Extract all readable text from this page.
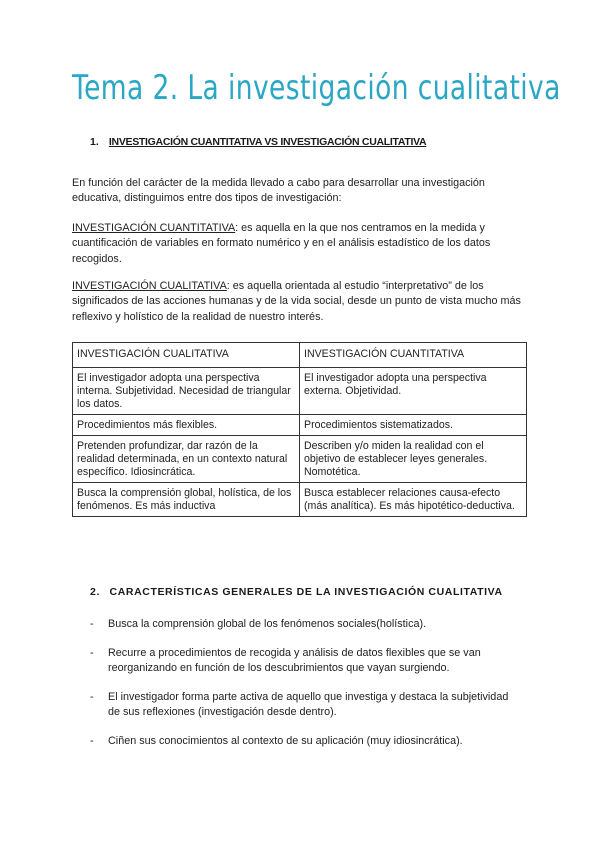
Tema 2. La investigación cualitativa
1. INVESTIGACIÓN CUANTITATIVA VS INVESTIGACIÓN CUALITATIVA

En función del carácter de la medida llevado a cabo para desarrollar una investigación educativa, distinguimos entre dos tipos de investigación:

INVESTIGACIÓN CUANTITATIVA: es aquella en la que nos centramos en la medida y cuantificación de variables en formato numérico y en el análisis estadístico de los datos recogidos.

INVESTIGACIÓN CUALITATIVA: es aquella orientada al estudio “interpretativo” de los significados de las acciones humanas y de la vida social, desde un punto de vista mucho más reflexivo y holístico de la realidad de nuestro interés.

INVESTIGACIÓN CUALITATIVA	INVESTIGACIÓN CUANTITATIVA
El investigador adopta una perspectiva interna. Subjetividad. Necesidad de triangular los datos.	El investigador adopta una perspectiva externa. Objetividad.
Procedimientos más flexibles.	Procedimientos sistematizados.
Pretenden profundizar, dar razón de la realidad determinada, en un contexto natural específico. Idiosincrática.	Describen y/o miden la realidad con el objetivo de establecer leyes generales. Nomotética.
Busca la comprensión global, holística, de los fenómenos. Es más inductiva	Busca establecer relaciones causa-efecto (más analítica). Es más hipotético-deductiva.
2. CARACTERÍSTICAS GENERALES DE LA INVESTIGACIÓN CUALITATIVA
- Busca la comprensión global de los fenómenos sociales(holística).
- Recurre a procedimientos de recogida y análisis de datos flexibles que se van reorganizando en función de los descubrimientos que vayan surgiendo.
- El investigador forma parte activa de aquello que investiga y destaca la subjetividad de sus reflexiones (investigación desde dentro).
- Ciñen sus conocimientos al contexto de su aplicación (muy idiosincrática).
